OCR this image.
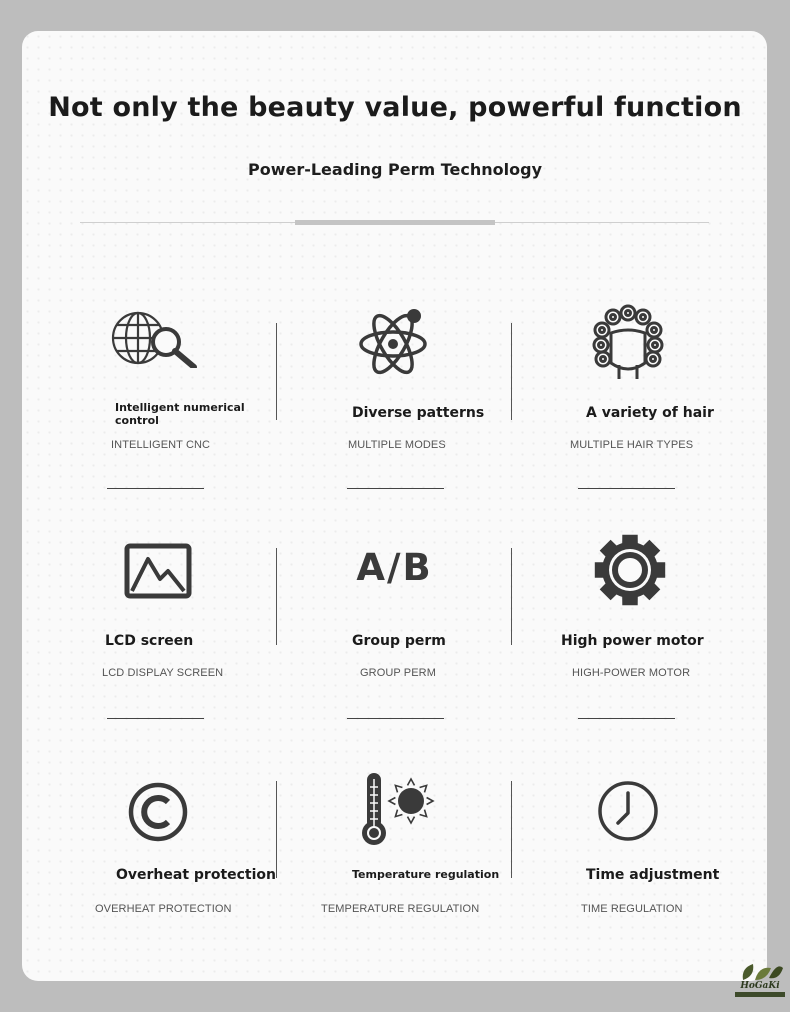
Not only the beauty value, powerful function
Power-Leading Perm Technology
Intelligent numerical control
INTELLIGENT CNC
Diverse patterns
MULTIPLE MODES
A variety of hair
MULTIPLE HAIR TYPES
LCD screen
LCD DISPLAY SCREEN
A/B
Group perm
GROUP PERM
High power motor
HIGH-POWER MOTOR
Overheat protection
OVERHEAT PROTECTION
Temperature regulation
TEMPERATURE REGULATION
Time adjustment
TIME REGULATION
HoGaKi
